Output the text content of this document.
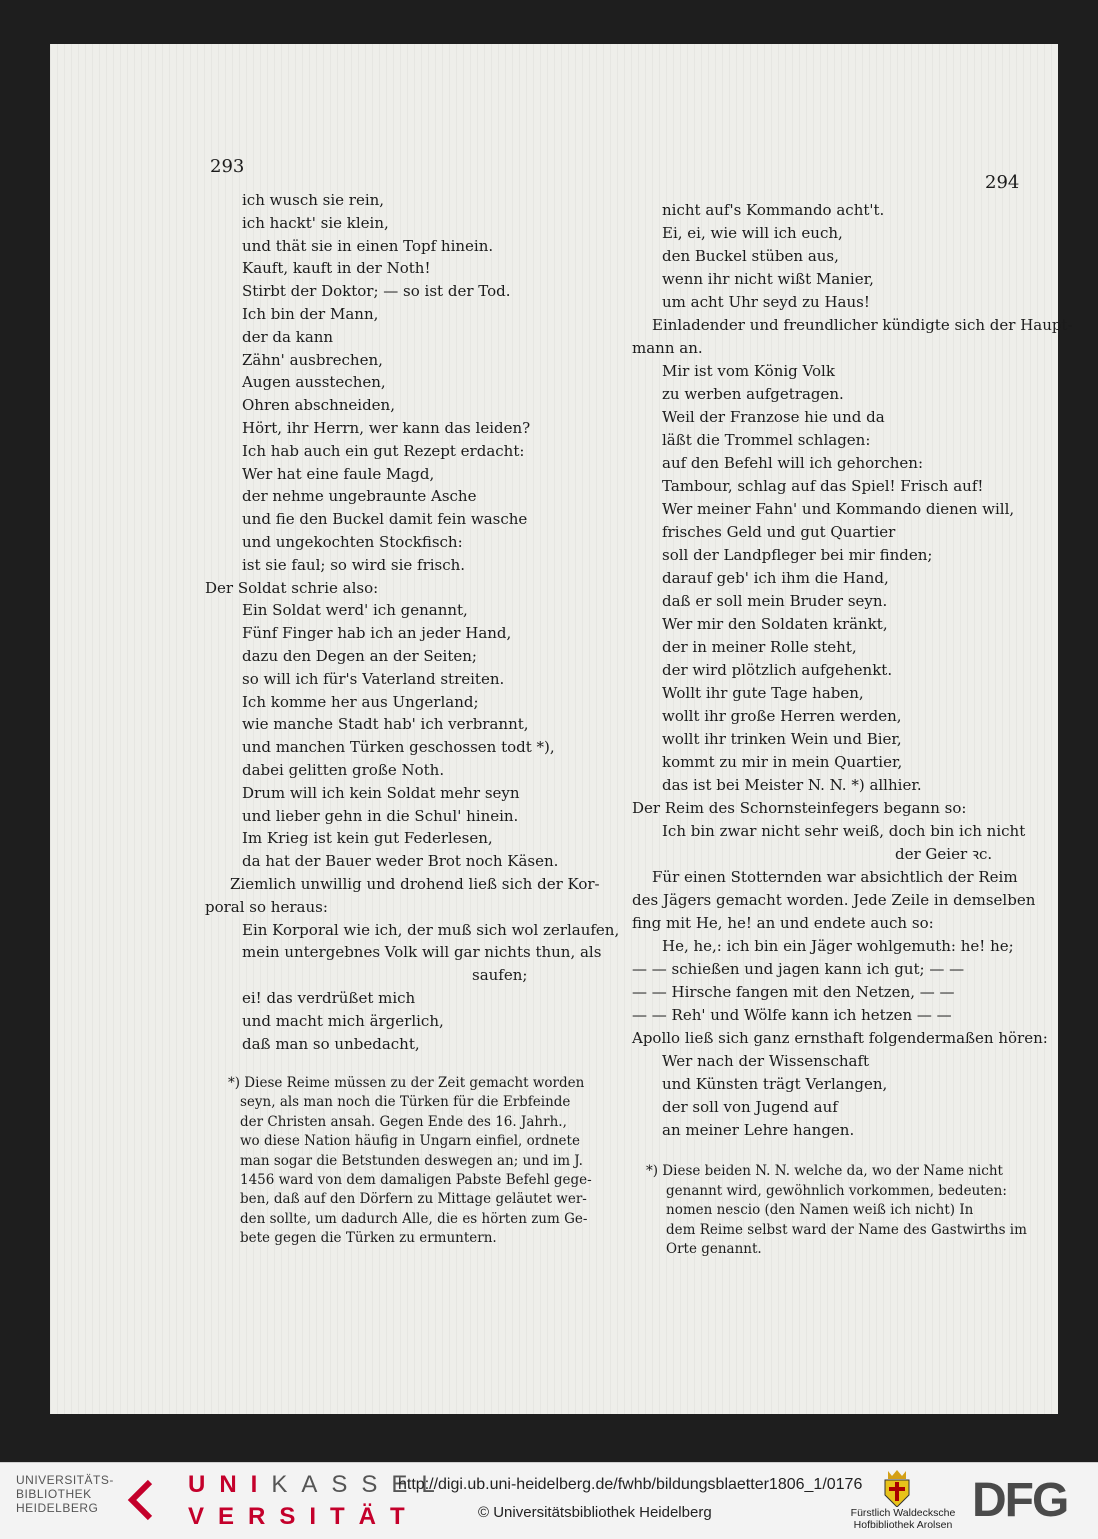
293
294
ich wusch sie rein,
ich hackt' sie klein,
und thät sie in einen Topf hinein.
Kauft, kauft in der Noth!
Stirbt der Doktor; — so ist der Tod.
Ich bin der Mann,
der da kann
Zähn' ausbrechen,
Augen ausstechen,
Ohren abschneiden,
Hört, ihr Herrn, wer kann das leiden?
Ich hab auch ein gut Rezept erdacht:
Wer hat eine faule Magd,
der nehme ungebraunte Asche
und fie den Buckel damit fein wasche
und ungekochten Stockfisch:
ist sie faul; so wird sie frisch.
Der Soldat schrie also:
Ein Soldat werd' ich genannt,
Fünf Finger hab ich an jeder Hand,
dazu den Degen an der Seiten;
so will ich für's Vaterland streiten.
Ich komme her aus Ungerland;
wie manche Stadt hab' ich verbrannt,
und manchen Türken geschossen todt *),
dabei gelitten große Noth.
Drum will ich kein Soldat mehr seyn
und lieber gehn in die Schul' hinein.
Im Krieg ist kein gut Federlesen,
da hat der Bauer weder Brot noch Käsen.
Ziemlich unwillig und drohend ließ sich der Kor-
poral so heraus:
Ein Korporal wie ich, der muß sich wol zerlaufen,
mein untergebnes Volk will gar nichts thun, als
saufen;
ei! das verdrüßet mich
und macht mich ärgerlich,
daß man so unbedacht,
*) Diese Reime müssen zu der Zeit gemacht worden
seyn, als man noch die Türken für die Erbfeinde
der Christen ansah. Gegen Ende des 16. Jahrh.,
wo diese Nation häufig in Ungarn einfiel, ordnete
man sogar die Betstunden deswegen an; und im J.
1456 ward von dem damaligen Pabste Befehl gege-
ben, daß auf den Dörfern zu Mittage geläutet wer-
den sollte, um dadurch Alle, die es hörten zum Ge-
bete gegen die Türken zu ermuntern.
nicht auf's Kommando acht't.
Ei, ei, wie will ich euch,
den Buckel stüben aus,
wenn ihr nicht wißt Manier,
um acht Uhr seyd zu Haus!
Einladender und freundlicher kündigte sich der Haupt-
mann an.
Mir ist vom König Volk
zu werben aufgetragen.
Weil der Franzose hie und da
läßt die Trommel schlagen:
auf den Befehl will ich gehorchen:
Tambour, schlag auf das Spiel! Frisch auf!
Wer meiner Fahn' und Kommando dienen will,
frisches Geld und gut Quartier
soll der Landpfleger bei mir finden;
darauf geb' ich ihm die Hand,
daß er soll mein Bruder seyn.
Wer mir den Soldaten kränkt,
der in meiner Rolle steht,
der wird plötzlich aufgehenkt.
Wollt ihr gute Tage haben,
wollt ihr große Herren werden,
wollt ihr trinken Wein und Bier,
kommt zu mir in mein Quartier,
das ist bei Meister N. N. *) allhier.
Der Reim des Schornsteinfegers begann so:
Ich bin zwar nicht sehr weiß, doch bin ich nicht
der Geier ꝛc.
Für einen Stotternden war absichtlich der Reim
des Jägers gemacht worden. Jede Zeile in demselben
fing mit He, he! an und endete auch so:
He, he,: ich bin ein Jäger wohlgemuth: he! he;
— — schießen und jagen kann ich gut; — —
— — Hirsche fangen mit den Netzen, — —
— — Reh' und Wölfe kann ich hetzen — —
Apollo ließ sich ganz ernsthaft folgendermaßen hören:
Wer nach der Wissenschaft
und Künsten trägt Verlangen,
der soll von Jugend auf
an meiner Lehre hangen.
*) Diese beiden N. N. welche da, wo der Name nicht
genannt wird, gewöhnlich vorkommen, bedeuten:
nomen nescio (den Namen weiß ich nicht) In
dem Reime selbst ward der Name des Gastwirths im
Orte genannt.
UNIVERSITÄTS-
BIBLIOTHEK
HEIDELBERG
UNIKASSEL
VERSITÄT
http://digi.ub.uni-heidelberg.de/fwhb/bildungsblaetter1806_1/0176
© Universitätsbibliothek Heidelberg	Fürstlich Waldecksche
Hofbibliothek Arolsen DFG
